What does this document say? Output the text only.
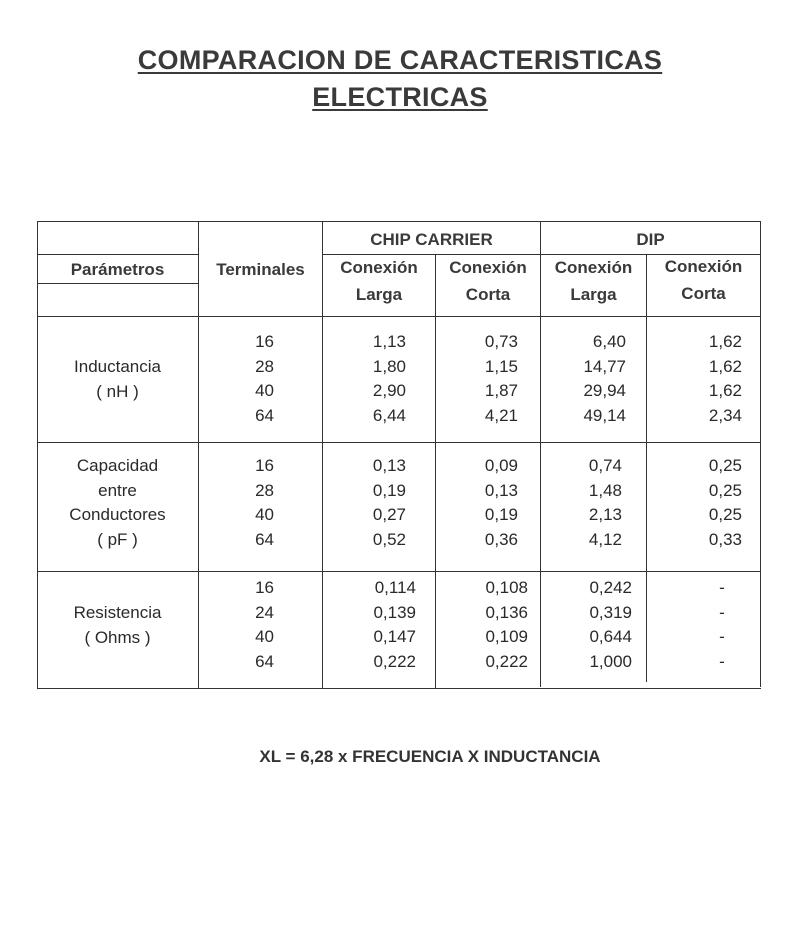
COMPARACION DE CARACTERISTICAS
ELECTRICAS
Parámetros	Terminales
CHIP CARRIER	DIP
Conexión
Larga
Conexión
Corta
Conexión
Larga
Conexión
Corta
Inductancia
( nH )
16
28
40
64
1,13
1,80
2,90
6,44
0,73
1,15
1,87
4,21
6,40
14,77
29,94
49,14
1,62
1,62
1,62
2,34
Capacidad
entre
Conductores
( pF )
16
28
40
64
0,13
0,19
0,27
0,52
0,09
0,13
0,19
0,36
0,74
1,48
2,13
4,12
0,25
0,25
0,25
0,33
Resistencia
( Ohms )
16
24
40
64
0,114
0,139
0,147
0,222
0,108
0,136
0,109
0,222
0,242
0,319
0,644
1,000
-
-
-
-
XL = 6,28 x FRECUENCIA X INDUCTANCIA
